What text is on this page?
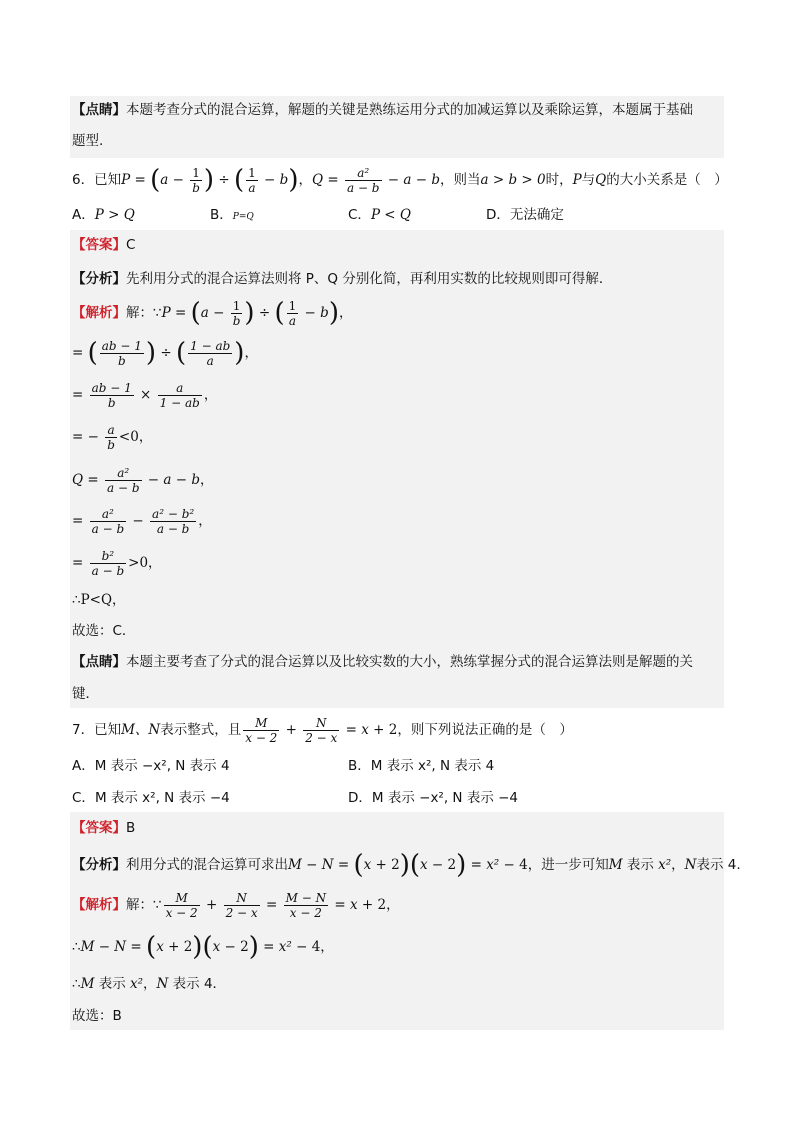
【点睛】本题考查分式的混合运算，解题的关键是熟练运用分式的加减运算以及乘除运算，本题属于基础
题型.
6．已知$P = (a - \frac{1}{b}$ ) ÷ ( $\frac{1}{a} - b$)，$Q = \frac{\text{a²}}{a - b} - a - b$，则当a > b > 0时，P与Q的大小关系是（　）
A．P > Q	B．P=Q	C．P < Q	D．无法确定
【答案】C
【分析】先利用分式的混合运算法则将 P、Q 分别化简，再利用实数的比较规则即可得解．
【解析】解：∵P = ($a - \frac{1}{b}$ ) ÷ ( $\frac{1}{a} - b$)，
= ( $\frac{ab - 1}{b}$ ) ÷ ( $\frac{1 - ab}{a}$ )，
= $\frac{ab - 1}{b} \times \frac{a}{1 - ab}$ ，
= − $\frac{a}{b} <0$，
$Q = \frac{\text{a²}}{a - b} - a - b$，
= $\frac{\text{a²}}{a - b} - \frac{\text{a² − b²}}{a - b}$ ，
= $\frac{\text{b²}}{a - b} >0$，
∴P<Q，
故选：C．
【点睛】本题主要考查了分式的混合运算以及比较实数的大小，熟练掌握分式的混合运算法则是解题的关
键．
7．已知M、N表示整式，且 $\frac{M}{x - 2} + \frac{N}{2 - x} = x + 2$，则下列说法正确的是（　）
A．M 表示 −x², N 表示 4	B．M 表示 x², N 表示 4
C．M 表示 x², N 表示 −4	D．M 表示 −x², N 表示 −4
【答案】B
【分析】利用分式的混合运算可求出M − N = (x + 2)(x − 2) = x² − 4，进一步可知M 表示 x²，N表示 4.
【解析】解：∵ $\frac{M}{x - 2} + \frac{N}{2 - x} = \frac{M - N}{x - 2} = x + 2$，
∴M − N = (x + 2)(x − 2) = x² − 4，
∴M 表示 x²，N 表示 4．
故选：B
